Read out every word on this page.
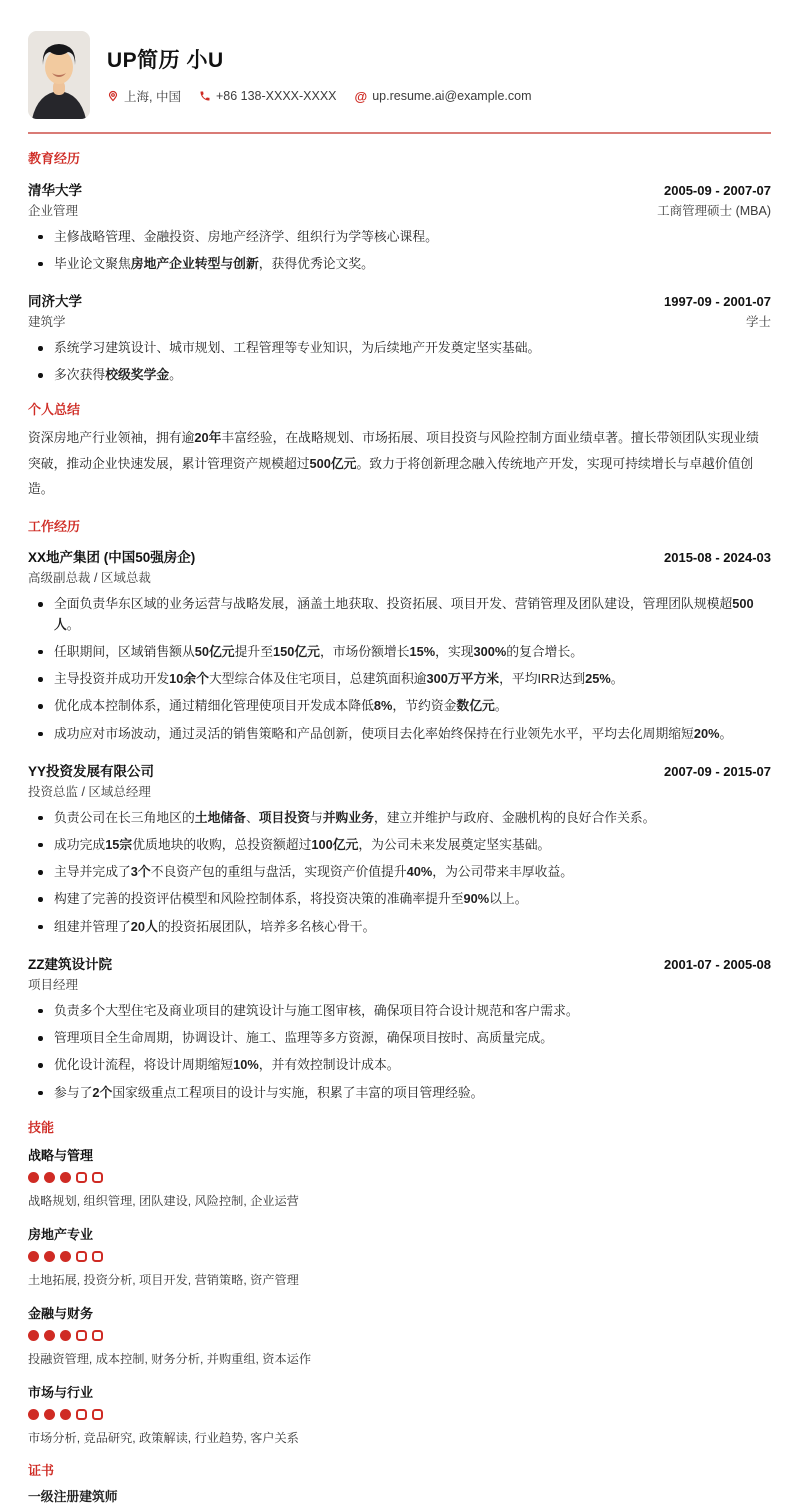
UP简历 小U
上海, 中国	+86 138-XXXX-XXXX @ up.resume.ai@example.com
教育经历
清华大学	2005-09 - 2007-07
企业管理	工商管理硕士 (MBA)
主修战略管理、金融投资、房地产经济学、组织行为学等核心课程。
毕业论文聚焦房地产企业转型与创新，获得优秀论文奖。
同济大学	1997-09 - 2001-07
建筑学	学士
系统学习建筑设计、城市规划、工程管理等专业知识，为后续地产开发奠定坚实基础。
多次获得校级奖学金。
个人总结

资深房地产行业领袖，拥有逾20年丰富经验，在战略规划、市场拓展、项目投资与风险控制方面业绩卓著。擅长带领团队实现业绩突破，推动企业快速发展，累计管理资产规模超过500亿元。致力于将创新理念融入传统地产开发，实现可持续增长与卓越价值创造。

工作经历
XX地产集团 (中国50强房企)	2015-08 - 2024-03
高级副总裁 / 区域总裁
全面负责华东区域的业务运营与战略发展，涵盖土地获取、投资拓展、项目开发、营销管理及团队建设，管理团队规模超500人。
任职期间，区域销售额从50亿元提升至150亿元，市场份额增长15%，实现300%的复合增长。
主导投资并成功开发10余个大型综合体及住宅项目，总建筑面积逾300万平方米，平均IRR达到25%。
优化成本控制体系，通过精细化管理使项目开发成本降低8%，节约资金数亿元。
成功应对市场波动，通过灵活的销售策略和产品创新，使项目去化率始终保持在行业领先水平，平均去化周期缩短20%。
YY投资发展有限公司	2007-09 - 2015-07
投资总监 / 区域总经理
负责公司在长三角地区的土地储备、项目投资与并购业务，建立并维护与政府、金融机构的良好合作关系。
成功完成15宗优质地块的收购，总投资额超过100亿元，为公司未来发展奠定坚实基础。
主导并完成了3个不良资产包的重组与盘活，实现资产价值提升40%，为公司带来丰厚收益。
构建了完善的投资评估模型和风险控制体系，将投资决策的准确率提升至90%以上。
组建并管理了20人的投资拓展团队，培养多名核心骨干。
ZZ建筑设计院	2001-07 - 2005-08
项目经理
负责多个大型住宅及商业项目的建筑设计与施工图审核，确保项目符合设计规范和客户需求。
管理项目全生命周期，协调设计、施工、监理等多方资源，确保项目按时、高质量完成。
优化设计流程，将设计周期缩短10%，并有效控制设计成本。
参与了2个国家级重点工程项目的设计与实施，积累了丰富的项目管理经验。
技能
战略与管理
战略规划, 组织管理, 团队建设, 风险控制, 企业运营
房地产专业
土地拓展, 投资分析, 项目开发, 营销策略, 资产管理
金融与财务
投融资管理, 成本控制, 财务分析, 并购重组, 资本运作
市场与行业
市场分析, 竞品研究, 政策解读, 行业趋势, 客户关系
证书
一级注册建筑师
